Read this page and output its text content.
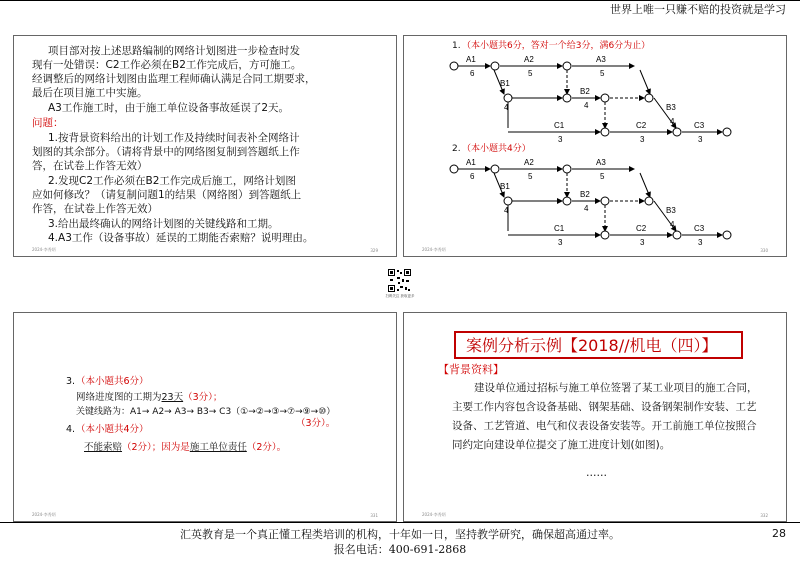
世界上唯一只赚不赔的投资就是学习
项目部对按上述思路编制的网络计划图进一步检查时发
现有一处错误：C2工作必须在B2工作完成后，方可施工。
经调整后的网络计划图由监理工程师确认满足合同工期要求，
最后在项目施工中实施。
A3工作施工时，由于施工单位设备事故延误了2天。
问题：
1.按背景资料给出的计划工作及持续时间表补全网络计
划图的其余部分。（请将背景中的网络图复制到答题纸上作
答，在试卷上作答无效）
2.发现C2工作必须在B2工作完成后施工，网络计划图
应如何修改？（请复制问题1的结果（网络图）到答题纸上
作答，在试卷上作答无效）
3.给出最终确认的网络计划图的关键线路和工期。
4.A3工作（设备事故）延误的工期能否索赔？说明理由。
2024-李秀炳	329
1. （本小题共6分，答对一个给3分，满6分为止）
2. （本小题共4分）
A1
6
A2
5
A3
5
B1
4
B2
4	B3
4
C1
3
C2
3
C3
3
A1
6
A2
5
A3
5
B1
4
B2
4	B3
4
C1
3
C2
3
C3
3
2024-李秀炳	330
扫码关注 获取更多
3. （本小题共6分）
网络进度图的工期为23天（3分）；
关键线路为：A1→ A2→ A3→ B3→ C3（①→②→③→⑦→⑨→⑩）
（3分）。
4. （本小题共4分）
不能索赔（2分）；因为是施工单位责任（2分）。
2024-李秀炳	331
案例分析示例【2018//机电（四）】
【背景资料】
建设单位通过招标与施工单位签署了某工业项目的施工合同，
主要工作内容包含设备基础、钢架基础、设备钢架制作安装、工艺
设备、工艺管道、电气和仪表设备安装等。开工前施工单位按照合
同约定向建设单位提交了施工进度计划(如图)。
……
2024-李秀炳	332
汇英教育是一个真正懂工程类培训的机构，十年如一日，坚持教学研究，确保超高通过率。
报名电话：400-691-2868
28
